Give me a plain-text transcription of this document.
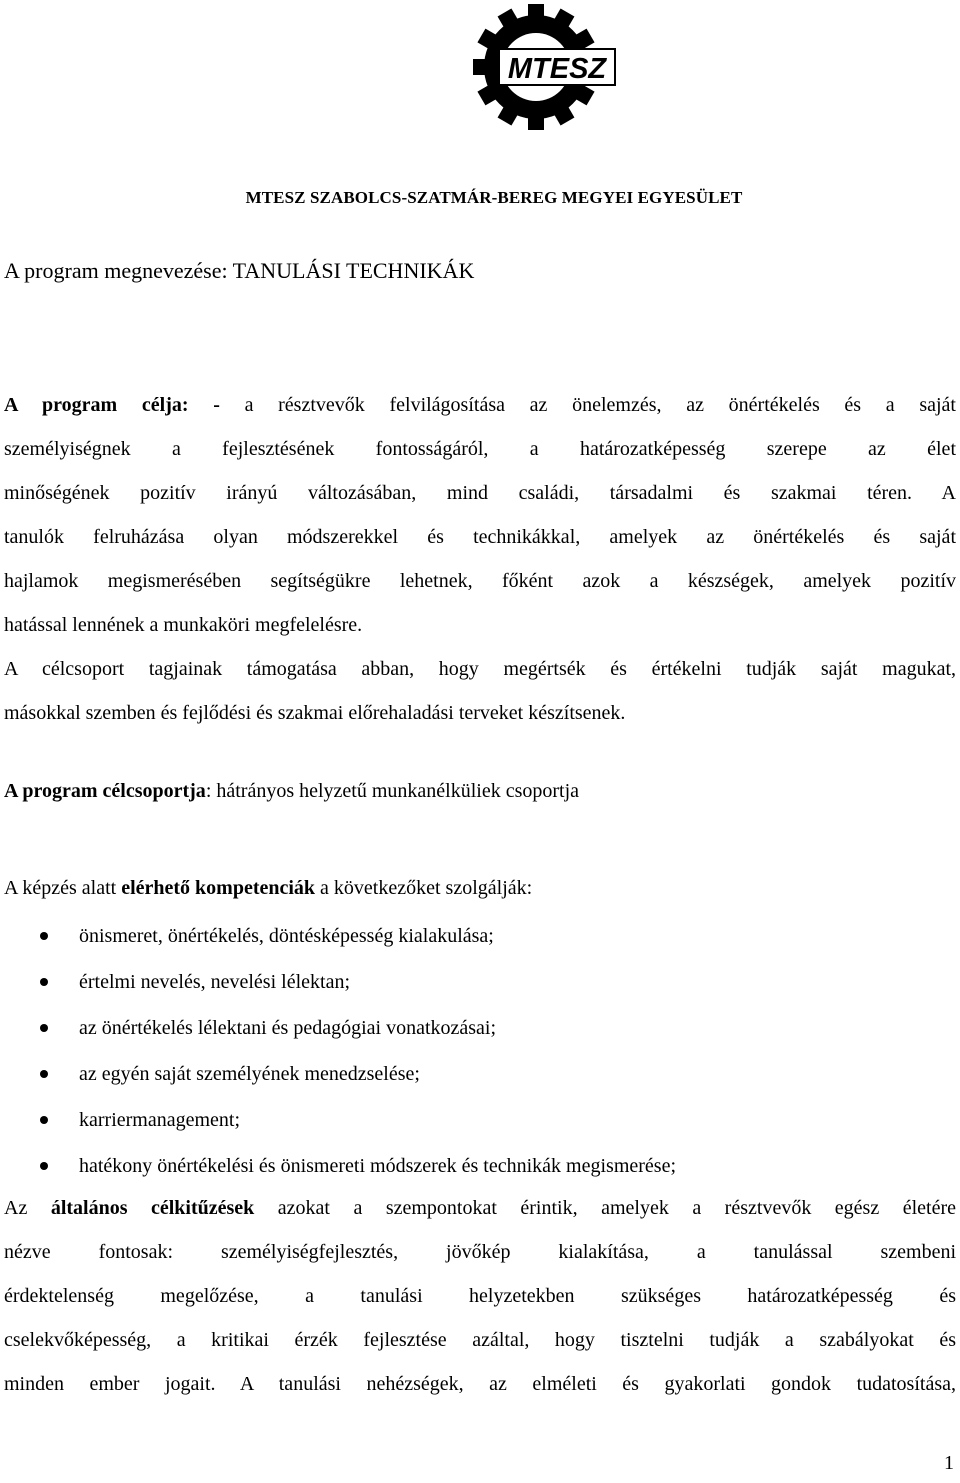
MTESZ
MTESZ SZABOLCS-SZATMÁR-BEREG MEGYEI EGYESÜLET
A program megnevezése: TANULÁSI TECHNIKÁK
A program célja: - a résztvevők felvilágosítása az önelemzés, az önértékelés és a saját
személyiségnek a fejlesztésének fontosságáról, a határozatképesség szerepe az élet
minőségének pozitív irányú változásában, mind családi, társadalmi és szakmai téren. A
tanulók felruházása olyan módszerekkel és technikákkal, amelyek az önértékelés és saját
hajlamok megismerésében segítségükre lehetnek, főként azok a készségek, amelyek pozitív
hatással lennének a munkaköri megfelelésre.
A célcsoport tagjainak támogatása abban, hogy megértsék és értékelni tudják saját magukat,
másokkal szemben és fejlődési és szakmai előrehaladási terveket készítsenek.
A program célcsoportja: hátrányos helyzetű munkanélküliek csoportja
A képzés alatt elérhető kompetenciák a következőket szolgálják:
önismeret, önértékelés, döntésképesség kialakulása;
értelmi nevelés, nevelési lélektan;
az önértékelés lélektani és pedagógiai vonatkozásai;
az egyén saját személyének menedzselése;
karriermanagement;
hatékony önértékelési és önismereti módszerek és technikák megismerése;
Az általános célkitűzések azokat a szempontokat érintik, amelyek a résztvevők egész életére
nézve fontosak: személyiségfejlesztés, jövőkép kialakítása, a tanulással szembeni
érdektelenség megelőzése, a tanulási helyzetekben szükséges határozatképesség és
cselekvőképesség, a kritikai érzék fejlesztése azáltal, hogy tisztelni tudják a szabályokat és
minden ember jogait. A tanulási nehézségek, az elméleti és gyakorlati gondok tudatosítása,
1
